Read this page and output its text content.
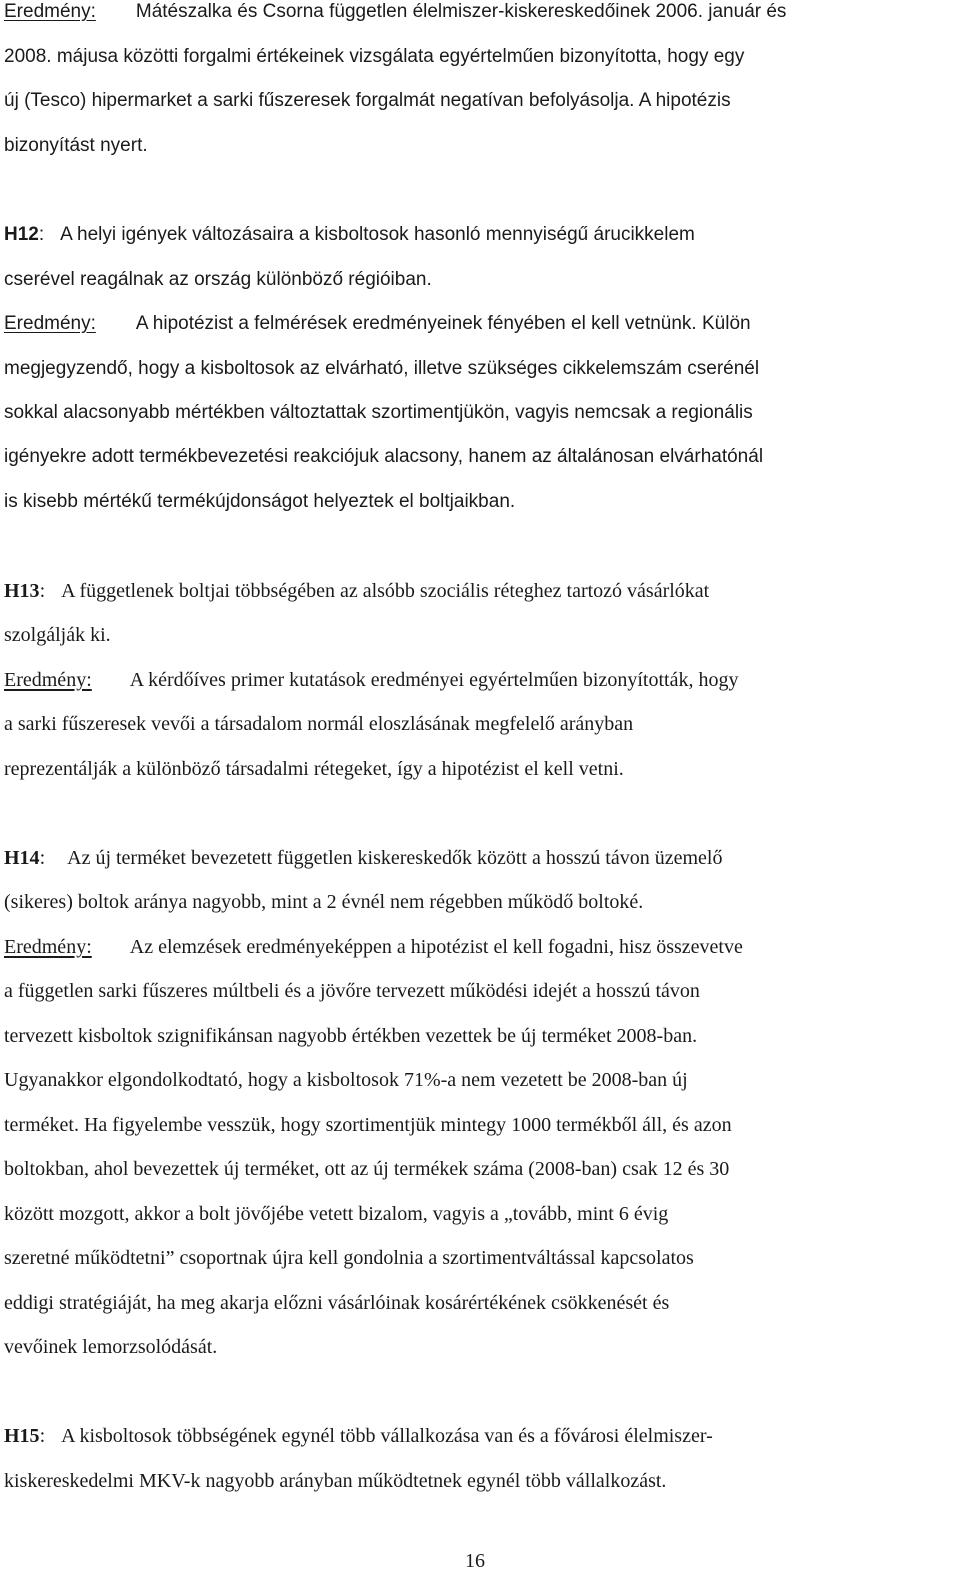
Eredmény: Mátészalka és Csorna független élelmiszer-kiskereskedőinek 2006. január és
2008. májusa közötti forgalmi értékeinek vizsgálata egyértelműen bizonyította, hogy egy
új (Tesco) hipermarket a sarki fűszeresek forgalmát negatívan befolyásolja. A hipotézis
bizonyítást nyert.
H12: A helyi igények változásaira a kisboltosok hasonló mennyiségű árucikkelem
cserével reagálnak az ország különböző régióiban.
Eredmény: A hipotézist a felmérések eredményeinek fényében el kell vetnünk. Külön
megjegyzendő, hogy a kisboltosok az elvárható, illetve szükséges cikkelemszám cserénél
sokkal alacsonyabb mértékben változtattak szortimentjükön, vagyis nemcsak a regionális
igényekre adott termékbevezetési reakciójuk alacsony, hanem az általánosan elvárhatónál
is kisebb mértékű termékújdonságot helyeztek el boltjaikban.
H13: A függetlenek boltjai többségében az alsóbb szociális réteghez tartozó vásárlókat
szolgálják ki.
Eredmény: A kérdőíves primer kutatások eredményei egyértelműen bizonyították, hogy
a sarki fűszeresek vevői a társadalom normál eloszlásának megfelelő arányban
reprezentálják a különböző társadalmi rétegeket, így a hipotézist el kell vetni.
H14: Az új terméket bevezetett független kiskereskedők között a hosszú távon üzemelő
(sikeres) boltok aránya nagyobb, mint a 2 évnél nem régebben működő boltoké.
Eredmény: Az elemzések eredményeképpen a hipotézist el kell fogadni, hisz összevetve
a független sarki fűszeres múltbeli és a jövőre tervezett működési idejét a hosszú távon
tervezett kisboltok szignifikánsan nagyobb értékben vezettek be új terméket 2008-ban.
Ugyanakkor elgondolkodtató, hogy a kisboltosok 71%-a nem vezetett be 2008-ban új
terméket. Ha figyelembe vesszük, hogy szortimentjük mintegy 1000 termékből áll, és azon
boltokban, ahol bevezettek új terméket, ott az új termékek száma (2008-ban) csak 12 és 30
között mozgott, akkor a bolt jövőjébe vetett bizalom, vagyis a „tovább, mint 6 évig
szeretné működtetni” csoportnak újra kell gondolnia a szortimentváltással kapcsolatos
eddigi stratégiáját, ha meg akarja előzni vásárlóinak kosárértékének csökkenését és
vevőinek lemorzsolódását.
H15: A kisboltosok többségének egynél több vállalkozása van és a fővárosi élelmiszer-
kiskereskedelmi MKV-k nagyobb arányban működtetnek egynél több vállalkozást.
16
